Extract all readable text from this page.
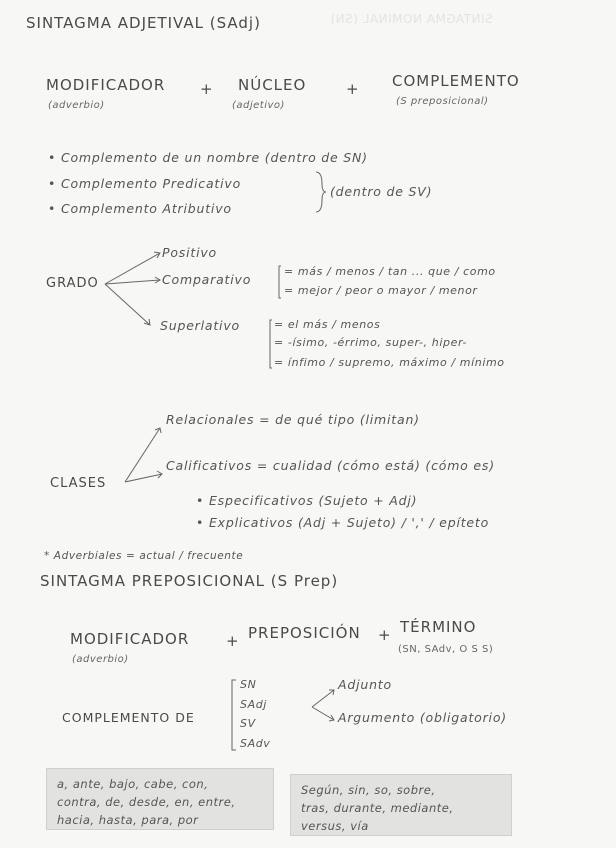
SINTAGMA NOMINAL (SN)
SINTAGMA ADJETIVAL (SAdj)
MODIFICADOR
(adverbio)
+ NÚCLEO
(adjetivo)
+ COMPLEMENTO
(S preposicional)
• Complemento de un nombre (dentro de SN)
• Complemento Predicativo
• Complemento Atributivo
(dentro de SV)
GRADO
Positivo
Comparativo
= más / menos / tan ... que / como
= mejor / peor o mayor / menor
Superlativo	= el más / menos
= -ísimo, -érrimo, super-, hiper-
= ínfimo / supremo, máximo / mínimo
CLASES
Relacionales = de qué tipo (limitan)
Calificativos = cualidad (cómo está) (cómo es)
• Especificativos (Sujeto + Adj)
• Explicativos (Adj + Sujeto) / ',' / epíteto
* Adverbiales = actual / frecuente
SINTAGMA PREPOSICIONAL (S Prep)
MODIFICADOR
(adverbio)
+ PREPOSICIÓN + TÉRMINO
(SN, SAdv, O S S)
COMPLEMENTO DE
SN
SAdj
SV
SAdv
Adjunto
Argumento (obligatorio)
a, ante, bajo, cabe, con,
contra, de, desde, en, entre,
hacia, hasta, para, por
Según, sin, so, sobre,
tras, durante, mediante,
versus, vía
